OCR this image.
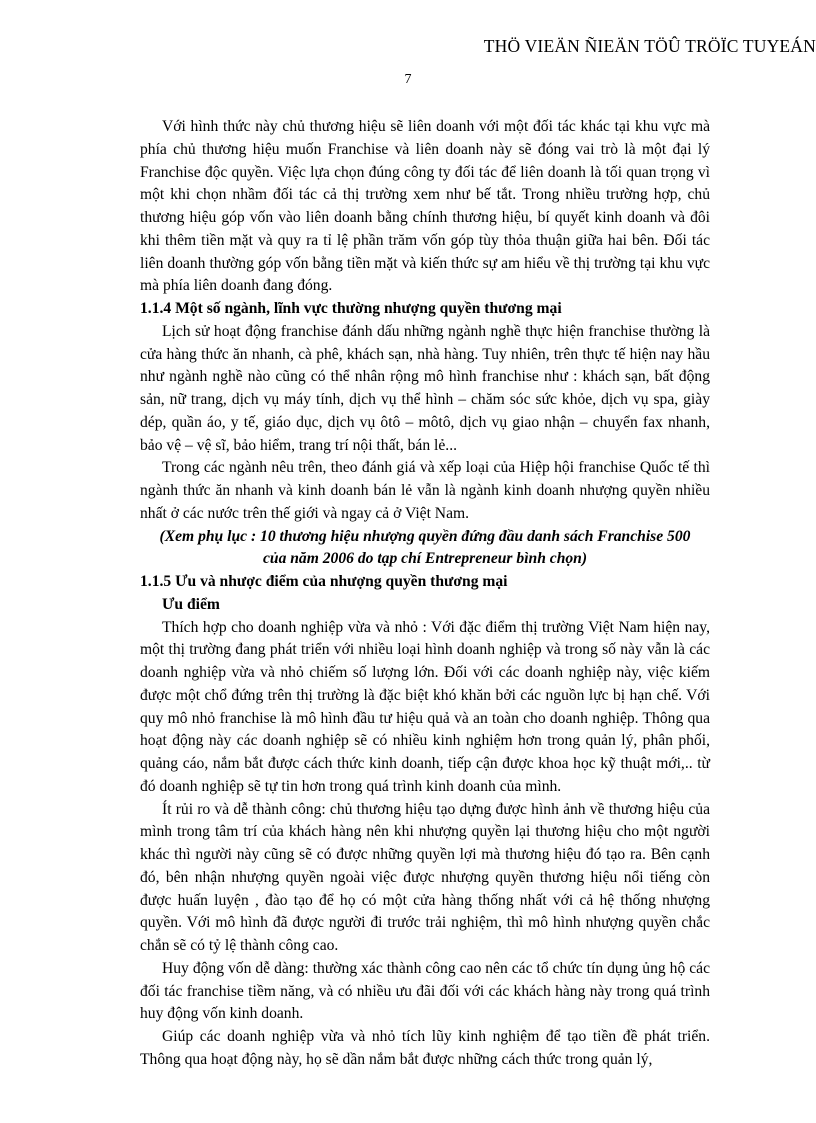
THÖ VIEÄN ÑIEÄN TÖÛ TRÖÏC TUYEÁN
7

Với hình thức này chủ thương hiệu sẽ liên doanh với một đối tác khác tại khu vực mà phía chủ thương hiệu muốn Franchise và liên doanh này sẽ đóng vai trò là một đại lý Franchise độc quyền. Việc lựa chọn đúng công ty đối tác để liên doanh là tối quan trọng vì một khi chọn nhầm đối tác cả thị trường xem như bế tắt. Trong nhiều trường hợp, chủ thương hiệu góp vốn vào liên doanh bằng chính thương hiệu, bí quyết kinh doanh và đôi khi thêm tiền mặt và quy ra tỉ lệ phần trăm vốn góp tùy thỏa thuận giữa hai bên. Đối tác liên doanh thường góp vốn bằng tiền mặt và kiến thức sự am hiểu về thị trường tại khu vực mà phía liên doanh đang đóng.

1.1.4 Một số ngành, lĩnh vực thường nhượng quyền thương mại

Lịch sử hoạt động franchise đánh dấu những ngành nghề thực hiện franchise thường là cửa hàng thức ăn nhanh, cà phê, khách sạn, nhà hàng. Tuy nhiên, trên thực tế hiện nay hầu như ngành nghề nào cũng có thể nhân rộng mô hình franchise như : khách sạn, bất động sản, nữ trang, dịch vụ máy tính, dịch vụ thể hình – chăm sóc sức khỏe, dịch vụ spa, giày dép, quần áo, y tế, giáo dục, dịch vụ ôtô – môtô, dịch vụ giao nhận – chuyển fax nhanh, bảo vệ – vệ sĩ, bảo hiểm, trang trí nội thất, bán lẻ...

Trong các ngành nêu trên, theo đánh giá và xếp loại của Hiệp hội franchise Quốc tế thì ngành thức ăn nhanh và kinh doanh bán lẻ vẫn là ngành kinh doanh nhượng quyền nhiều nhất ở các nước trên thế giới và ngay cả ở Việt Nam.

(Xem phụ lục : 10 thương hiệu nhượng quyền đứng đầu danh sách Franchise 500
của năm 2006 do tạp chí Entrepreneur bình chọn)
1.1.5 Ưu và nhược điểm của nhượng quyền thương mại
Ưu điểm

Thích hợp cho doanh nghiệp vừa và nhỏ : Với đặc điểm thị trường Việt Nam hiện nay, một thị trường đang phát triển với nhiều loại hình doanh nghiệp và trong số này vẫn là các doanh nghiệp vừa và nhỏ chiếm số lượng lớn. Đối với các doanh nghiệp này, việc kiếm được một chổ đứng trên thị trường là đặc biệt khó khăn bởi các nguồn lực bị hạn chế. Với quy mô nhỏ franchise là mô hình đầu tư hiệu quả và an toàn cho doanh nghiệp. Thông qua hoạt động này các doanh nghiệp sẽ có nhiều kinh nghiệm hơn trong quản lý, phân phối, quảng cáo, nắm bắt được cách thức kinh doanh, tiếp cận được khoa học kỹ thuật mới,.. từ đó doanh nghiệp sẽ tự tin hơn trong quá trình kinh doanh của mình.

Ít rủi ro và dễ thành công: chủ thương hiệu tạo dựng được hình ảnh về thương hiệu của mình trong tâm trí của khách hàng nên khi nhượng quyền lại thương hiệu cho một người khác thì người này cũng sẽ có được những quyền lợi mà thương hiệu đó tạo ra. Bên cạnh đó, bên nhận nhượng quyền ngoài việc được nhượng quyền thương hiệu nổi tiếng còn được huấn luyện , đào tạo để họ có một cửa hàng thống nhất với cả hệ thống nhượng quyền. Với mô hình đã được người đi trước trải nghiệm, thì mô hình nhượng quyền chắc chắn sẽ có tỷ lệ thành công cao.

Huy động vốn dễ dàng: thường xác thành công cao nên các tổ chức tín dụng ủng hộ các đối tác franchise tiềm năng, và có nhiều ưu đãi đối với các khách hàng này trong quá trình huy động vốn kinh doanh.

Giúp các doanh nghiệp vừa và nhỏ tích lũy kinh nghiệm để tạo tiền đề phát triển. Thông qua hoạt động này, họ sẽ dần nắm bắt được những cách thức trong quản lý,
